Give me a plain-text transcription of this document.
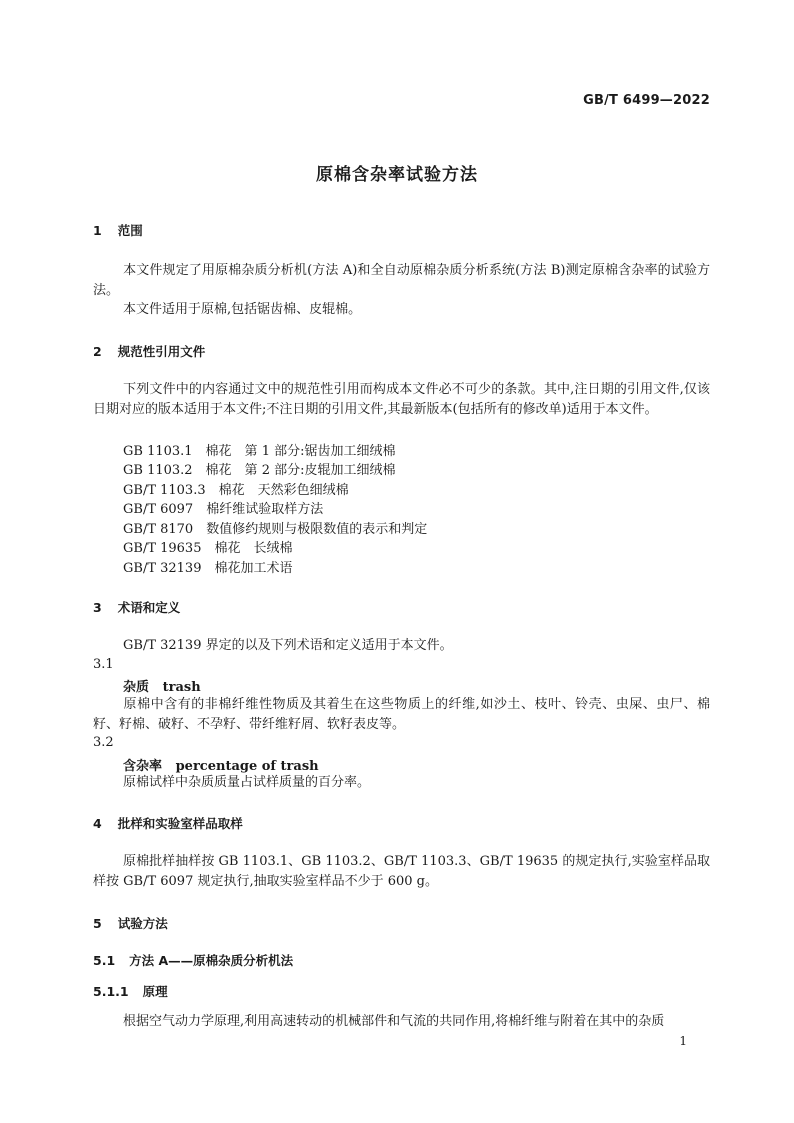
GB/T 6499—2022
原棉含杂率试验方法
1 范围
本文件规定了用原棉杂质分析机(方法 A)和全自动原棉杂质分析系统(方法 B)测定原棉含杂率的试验方法。
本文件适用于原棉,包括锯齿棉、皮辊棉。
2 规范性引用文件
下列文件中的内容通过文中的规范性引用而构成本文件必不可少的条款。其中,注日期的引用文件,仅该日期对应的版本适用于本文件;不注日期的引用文件,其最新版本(包括所有的修改单)适用于本文件。
GB 1103.1　棉花　第 1 部分:锯齿加工细绒棉
GB 1103.2　棉花　第 2 部分:皮辊加工细绒棉
GB/T 1103.3　棉花　天然彩色细绒棉
GB/T 6097　棉纤维试验取样方法
GB/T 8170　数值修约规则与极限数值的表示和判定
GB/T 19635　棉花　长绒棉
GB/T 32139　棉花加工术语
3 术语和定义
GB/T 32139 界定的以及下列术语和定义适用于本文件。
3.1
杂质 trash
原棉中含有的非棉纤维性物质及其着生在这些物质上的纤维,如沙土、枝叶、铃壳、虫屎、虫尸、棉籽、籽棉、破籽、不孕籽、带纤维籽屑、软籽表皮等。
3.2
含杂率 percentage of trash
原棉试样中杂质质量占试样质量的百分率。
4 批样和实验室样品取样
原棉批样抽样按 GB 1103.1、GB 1103.2、GB/T 1103.3、GB/T 19635 的规定执行,实验室样品取样按 GB/T 6097 规定执行,抽取实验室样品不少于 600 g。
5 试验方法
5.1 方法 A——原棉杂质分析机法
5.1.1 原理
根据空气动力学原理,利用高速转动的机械部件和气流的共同作用,将棉纤维与附着在其中的杂质
1
